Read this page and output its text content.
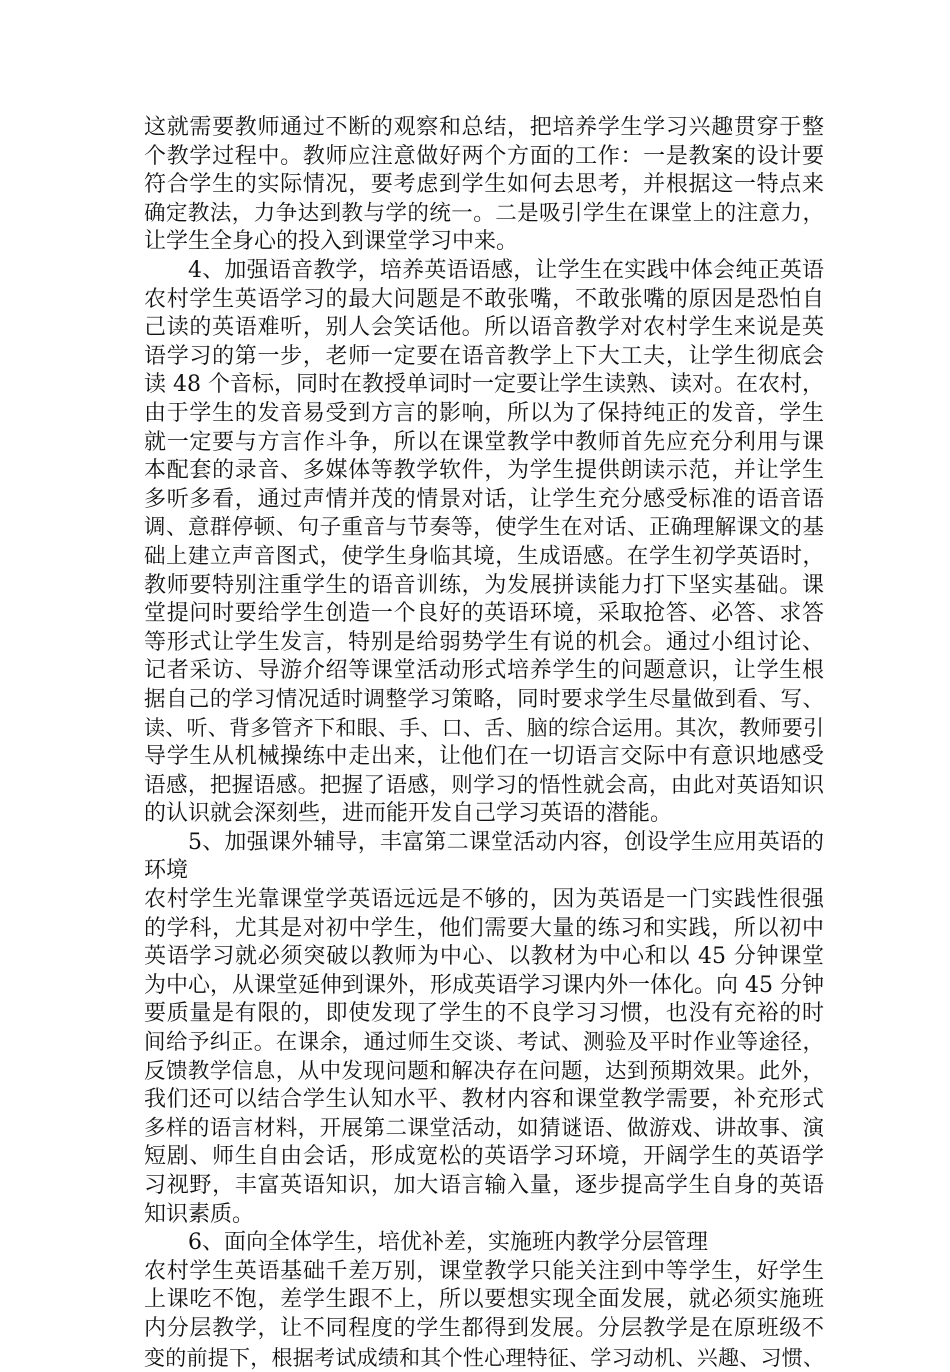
这就需要教师通过不断的观察和总结，把培养学生学习兴趣贯穿于整
个教学过程中。教师应注意做好两个方面的工作：一是教案的设计要
符合学生的实际情况，要考虑到学生如何去思考，并根据这一特点来
确定教法，力争达到教与学的统一。二是吸引学生在课堂上的注意力，
让学生全身心的投入到课堂学习中来。
4、加强语音教学，培养英语语感，让学生在实践中体会纯正英语
农村学生英语学习的最大问题是不敢张嘴，不敢张嘴的原因是恐怕自
己读的英语难听，别人会笑话他。所以语音教学对农村学生来说是英
语学习的第一步，老师一定要在语音教学上下大工夫，让学生彻底会
读 48 个音标，同时在教授单词时一定要让学生读熟、读对。在农村，
由于学生的发音易受到方言的影响，所以为了保持纯正的发音，学生
就一定要与方言作斗争，所以在课堂教学中教师首先应充分利用与课
本配套的录音、多媒体等教学软件，为学生提供朗读示范，并让学生
多听多看，通过声情并茂的情景对话，让学生充分感受标准的语音语
调、意群停顿、句子重音与节奏等，使学生在对话、正确理解课文的基
础上建立声音图式，使学生身临其境，生成语感。在学生初学英语时，
教师要特别注重学生的语音训练，为发展拼读能力打下坚实基础。课
堂提问时要给学生创造一个良好的英语环境，采取抢答、必答、求答
等形式让学生发言，特别是给弱势学生有说的机会。通过小组讨论、
记者采访、导游介绍等课堂活动形式培养学生的问题意识，让学生根
据自己的学习情况适时调整学习策略，同时要求学生尽量做到看、写、
读、听、背多管齐下和眼、手、口、舌、脑的综合运用。其次，教师要引
导学生从机械操练中走出来，让他们在一切语言交际中有意识地感受
语感，把握语感。把握了语感，则学习的悟性就会高，由此对英语知识
的认识就会深刻些，进而能开发自己学习英语的潜能。
5、加强课外辅导，丰富第二课堂活动内容，创设学生应用英语的
环境
农村学生光靠课堂学英语远远是不够的，因为英语是一门实践性很强
的学科，尤其是对初中学生，他们需要大量的练习和实践，所以初中
英语学习就必须突破以教师为中心、以教材为中心和以 45 分钟课堂
为中心，从课堂延伸到课外，形成英语学习课内外一体化。向 45 分钟
要质量是有限的，即使发现了学生的不良学习习惯，也没有充裕的时
间给予纠正。在课余，通过师生交谈、考试、测验及平时作业等途径，
反馈教学信息，从中发现问题和解决存在问题，达到预期效果。此外，
我们还可以结合学生认知水平、教材内容和课堂教学需要，补充形式
多样的语言材料，开展第二课堂活动，如猜谜语、做游戏、讲故事、演
短剧、师生自由会话，形成宽松的英语学习环境，开阔学生的英语学
习视野，丰富英语知识，加大语言输入量，逐步提高学生自身的英语
知识素质。
6、面向全体学生，培优补差，实施班内教学分层管理
农村学生英语基础千差万别，课堂教学只能关注到中等学生，好学生
上课吃不饱，差学生跟不上，所以要想实现全面发展，就必须实施班
内分层教学，让不同程度的学生都得到发展。分层教学是在原班级不
变的前提下，根据考试成绩和其个性心理特征、学习动机、兴趣、习惯、
